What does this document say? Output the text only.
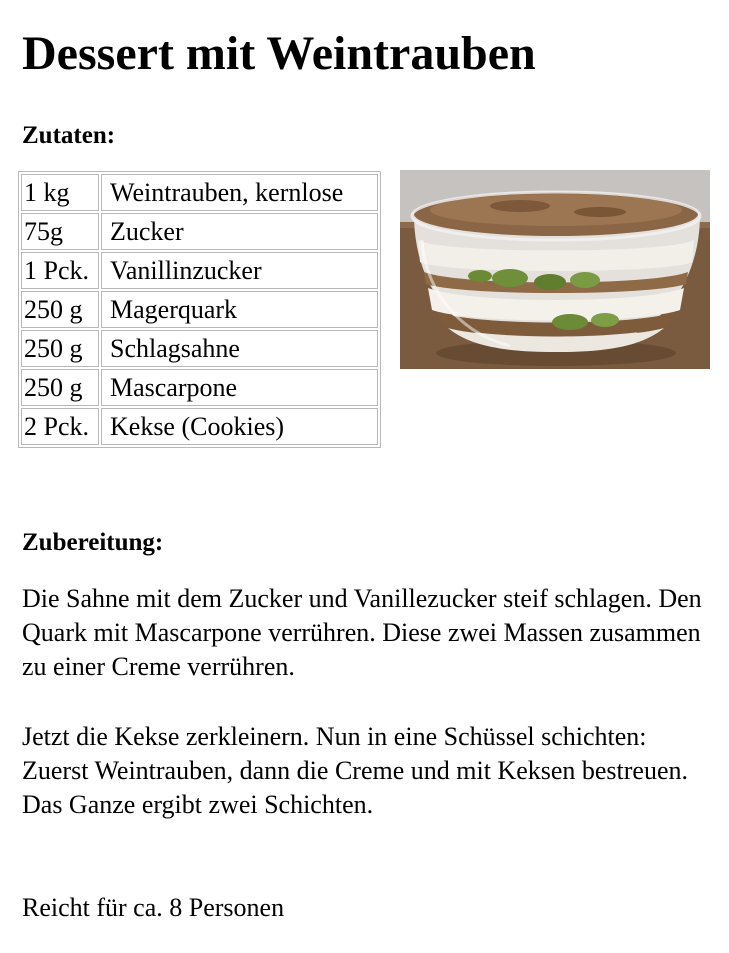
Dessert mit Weintrauben
Zutaten:
1 kg	Weintrauben, kernlose
75g	Zucker
1 Pck.	Vanillinzucker
250 g	Magerquark
250 g	Schlagsahne
250 g	Mascarpone
2 Pck.	Kekse (Cookies)
Zubereitung:

Die Sahne mit dem Zucker und Vanillezucker steif schlagen. Den Quark mit Mascarpone verrühren. Diese zwei Massen zusammen zu einer Creme verrühren.

Jetzt die Kekse zerkleinern. Nun in eine Schüssel schichten: Zuerst Weintrauben, dann die Creme und mit Keksen bestreuen. Das Ganze ergibt zwei Schichten.

Reicht für ca. 8 Personen
